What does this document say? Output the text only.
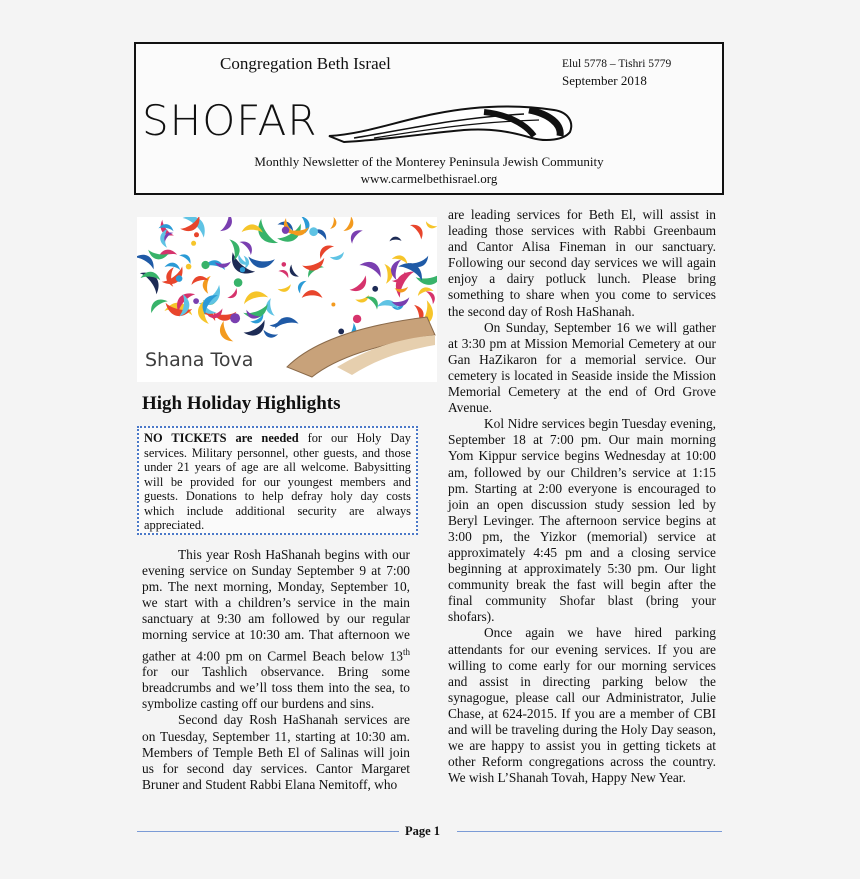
Congregation Beth Israel	Elul 5778 – Tishri 5779
September 2018
SHOFAR
Monthly Newsletter of the Monterey Peninsula Jewish Community
www.carmelbethisrael.org
Shana Tova
High Holiday Highlights
NO TICKETS are needed for our Holy Day services. Military personnel, other guests, and those under 21 years of age are all welcome. Babysitting will be provided for our youngest members and guests. Donations to help defray holy day costs which include additional security are always appreciated.

This year Rosh HaShanah begins with our evening service on Sunday September 9 at 7:00 pm. The next morning, Monday, September 10, we start with a children’s service in the main sanctuary at 9:30 am followed by our regular morning service at 10:30 am. That afternoon we gather at 4:00 pm on Carmel Beach below 13th for our Tashlich observance. Bring some breadcrumbs and we’ll toss them into the sea, to symbolize casting off our burdens and sins.

Second day Rosh HaShanah services are on Tuesday, September 11, starting at 10:30 am. Members of Temple Beth El of Salinas will join us for second day services. Cantor Margaret Bruner and Student Rabbi Elana Nemitoff, who

are leading services for Beth El, will assist in leading those services with Rabbi Greenbaum and Cantor Alisa Fineman in our sanctuary. Following our second day services we will again enjoy a dairy potluck lunch. Please bring something to share when you come to services the second day of Rosh HaShanah.

On Sunday, September 16 we will gather at 3:30 pm at Mission Memorial Cemetery at our Gan HaZikaron for a memorial service. Our cemetery is located in Seaside inside the Mission Memorial Cemetery at the end of Ord Grove Avenue.

Kol Nidre services begin Tuesday evening, September 18 at 7:00 pm. Our main morning Yom Kippur service begins Wednesday at 10:00 am, followed by our Children’s service at 1:15 pm. Starting at 2:00 everyone is encouraged to join an open discussion study session led by Beryl Levinger. The afternoon service begins at 3:00 pm, the Yizkor (memorial) service at approximately 4:45 pm and a closing service beginning at approximately 5:30 pm. Our light community break the fast will begin after the final community Shofar blast (bring your shofars).

Once again we have hired parking attendants for our evening services. If you are willing to come early for our morning services and assist in directing parking below the synagogue, please call our Administrator, Julie Chase, at 624-2015. If you are a member of CBI and will be traveling during the Holy Day season, we are happy to assist you in getting tickets at other Reform congregations across the country. We wish L’Shanah Tovah, Happy New Year.

Page 1
